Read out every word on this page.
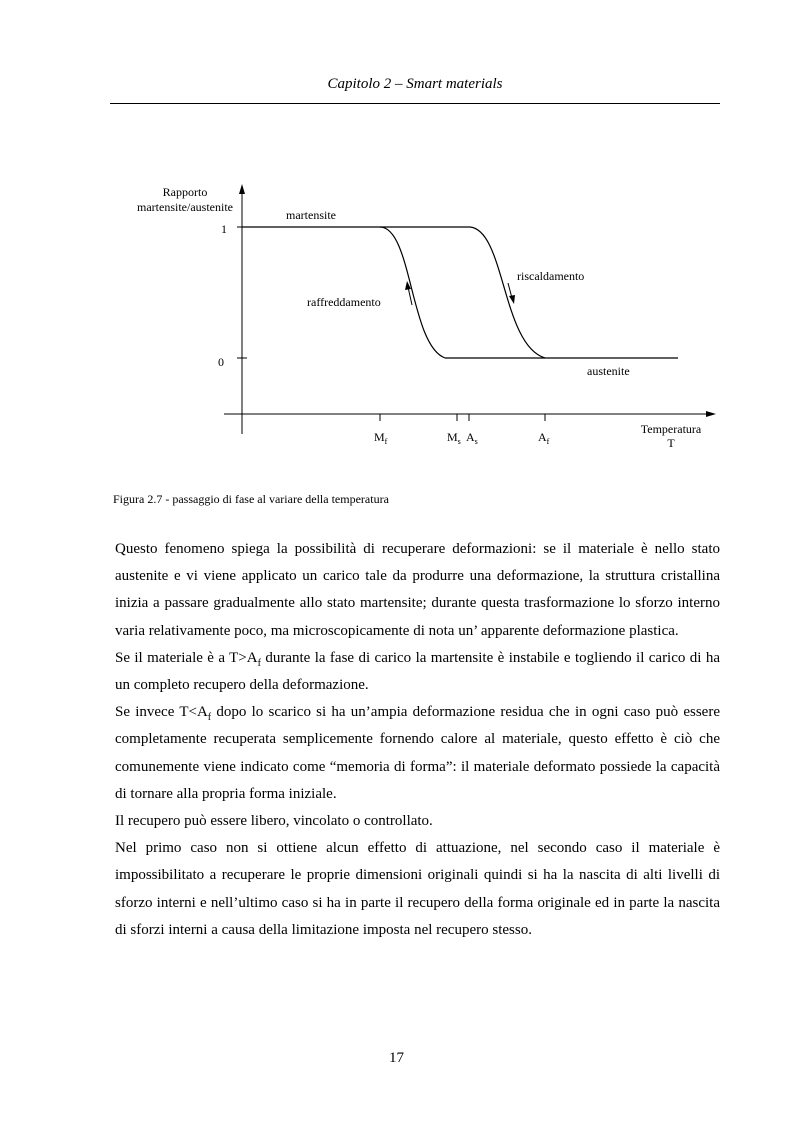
Capitolo 2 – Smart materials
1
0
$M_f$	$M_s$ $A_s$	$A_f$
Rapporto
martensite/austenite
Temperatura
T
martensite
austenite
raffreddamento
riscaldamento
Figura 2.7 - passaggio di fase al variare della temperatura

Questo fenomeno spiega la possibilità di recuperare deformazioni: se il materiale è nello stato austenite e vi viene applicato un carico tale da produrre una deformazione, la struttura cristallina inizia a passare gradualmente allo stato martensite; durante questa trasformazione lo sforzo interno varia relativamente poco, ma microscopicamente di nota un’ apparente deformazione plastica.

Se il materiale è a $T>A_f$ durante la fase di carico la martensite è instabile e togliendo il carico di ha un completo recupero della deformazione.

Se invece $T<A_f$ dopo lo scarico si ha un’ampia deformazione residua che in ogni caso può essere completamente recuperata semplicemente fornendo calore al materiale, questo effetto è ciò che comunemente viene indicato come “memoria di forma”: il materiale deformato possiede la capacità di tornare alla propria forma iniziale.

Il recupero può essere libero, vincolato o controllato.

Nel primo caso non si ottiene alcun effetto di attuazione, nel secondo caso il materiale è impossibilitato a recuperare le proprie dimensioni originali quindi si ha la nascita di alti livelli di sforzo interni e nell’ultimo caso si ha in parte il recupero della forma originale ed in parte la nascita di sforzi interni a causa della limitazione imposta nel recupero stesso.

17
